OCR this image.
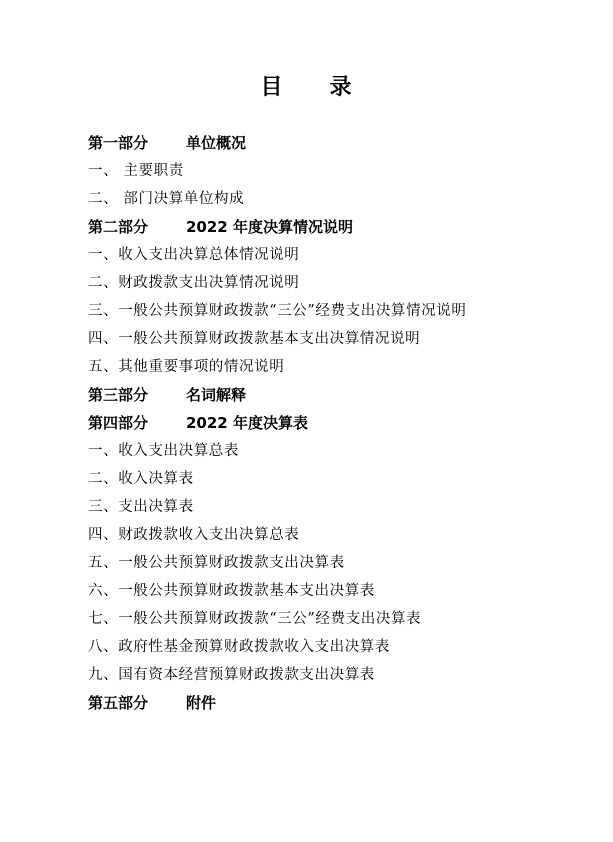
目 录
第一部分	单位概况
一、 主要职责
二、 部门决算单位构成
第二部分	2022 年度决算情况说明
一、收入支出决算总体情况说明
二、财政拨款支出决算情况说明
三、一般公共预算财政拨款“三公”经费支出决算情况说明
四、一般公共预算财政拨款基本支出决算情况说明
五、其他重要事项的情况说明
第三部分	名词解释
第四部分	2022 年度决算表
一、收入支出决算总表
二、收入决算表
三、支出决算表
四、财政拨款收入支出决算总表
五、一般公共预算财政拨款支出决算表
六、一般公共预算财政拨款基本支出决算表
七、一般公共预算财政拨款“三公”经费支出决算表
八、政府性基金预算财政拨款收入支出决算表
九、国有资本经营预算财政拨款支出决算表
第五部分	附件
